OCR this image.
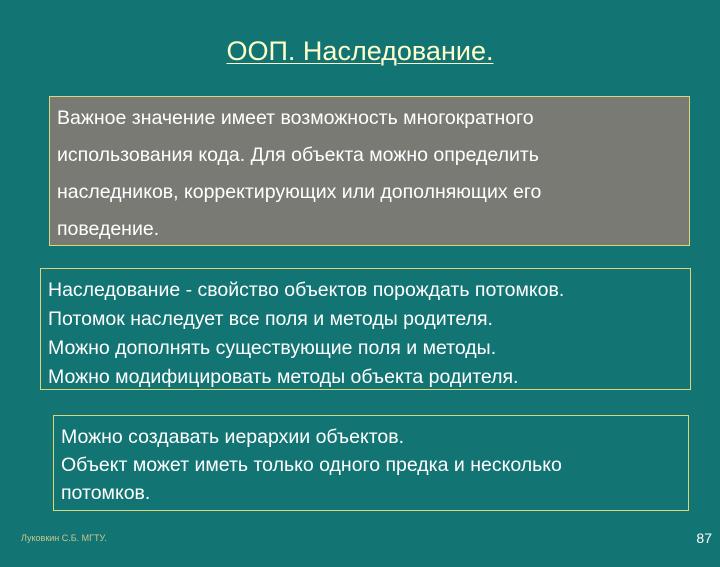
ООП. Наследование.
Важное значение имеет возможность многократного
использования кода. Для объекта можно определить
наследников, корректирующих или дополняющих его
поведение.
Наследование - свойство объектов порождать потомков.
Потомок наследует все поля и методы родителя.
Можно дополнять существующие поля и методы.
Можно модифицировать методы объекта родителя.
Можно создавать иерархии объектов.
Объект может иметь только одного предка и несколько
потомков.
Луковкин С.Б. МГТУ.	87
